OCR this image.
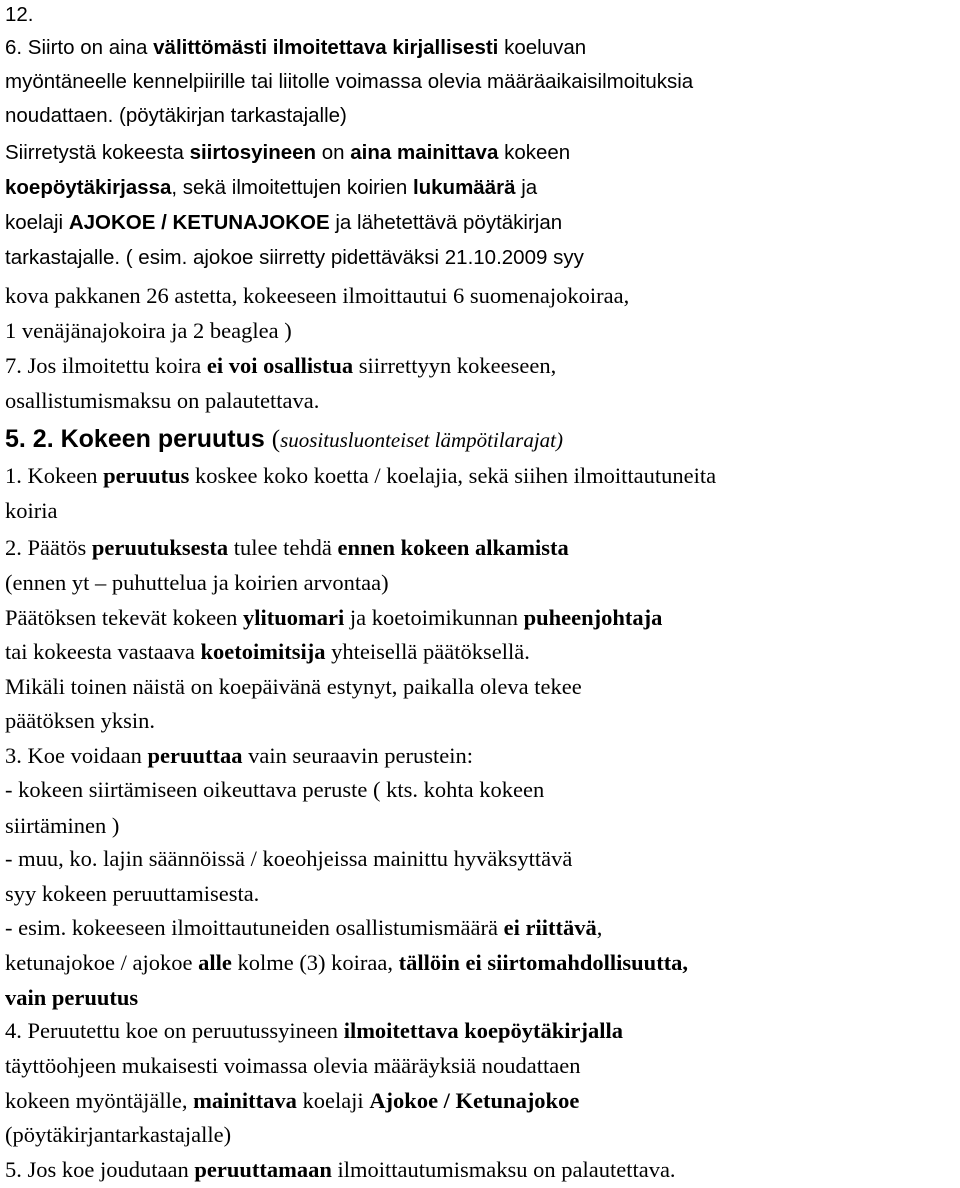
12.
6. Siirto on aina välittömästi ilmoitettava kirjallisesti koeluvan
myöntäneelle kennelpiirille tai liitolle voimassa olevia määräaikaisilmoituksia
noudattaen. (pöytäkirjan tarkastajalle)
Siirretystä kokeesta siirtosyineen on aina mainittava kokeen
koepöytäkirjassa, sekä ilmoitettujen koirien lukumäärä ja
koelaji AJOKOE / KETUNAJOKOE ja lähetettävä pöytäkirjan
tarkastajalle. ( esim. ajokoe siirretty pidettäväksi 21.10.2009 syy
kova pakkanen 26 astetta, kokeeseen ilmoittautui 6 suomenajokoiraa,
1 venäjänajokoira ja 2 beaglea )
7. Jos ilmoitettu koira ei voi osallistua siirrettyyn kokeeseen,
osallistumismaksu on palautettava.
5. 2. Kokeen peruutus (suositusluonteiset lämpötilarajat)
1. Kokeen peruutus koskee koko koetta / koelajia, sekä siihen ilmoittautuneita
koiria
2. Päätös peruutuksesta tulee tehdä ennen kokeen alkamista
(ennen yt – puhuttelua ja koirien arvontaa)
Päätöksen tekevät kokeen ylituomari ja koetoimikunnan puheenjohtaja
tai kokeesta vastaava koetoimitsija yhteisellä päätöksellä.
Mikäli toinen näistä on koepäivänä estynyt, paikalla oleva tekee
päätöksen yksin.
3. Koe voidaan peruuttaa vain seuraavin perustein:
- kokeen siirtämiseen oikeuttava peruste ( kts. kohta kokeen
siirtäminen )
- muu, ko. lajin säännöissä / koeohjeissa mainittu hyväksyttävä
syy kokeen peruuttamisesta.
- esim. kokeeseen ilmoittautuneiden osallistumismäärä ei riittävä,
ketunajokoe / ajokoe alle kolme (3) koiraa, tällöin ei siirtomahdollisuutta,
vain peruutus
4. Peruutettu koe on peruutussyineen ilmoitettava koepöytäkirjalla
täyttöohjeen mukaisesti voimassa olevia määräyksiä noudattaen
kokeen myöntäjälle, mainittava koelaji Ajokoe / Ketunajokoe
(pöytäkirjantarkastajalle)
5. Jos koe joudutaan peruuttamaan ilmoittautumismaksu on palautettava.
